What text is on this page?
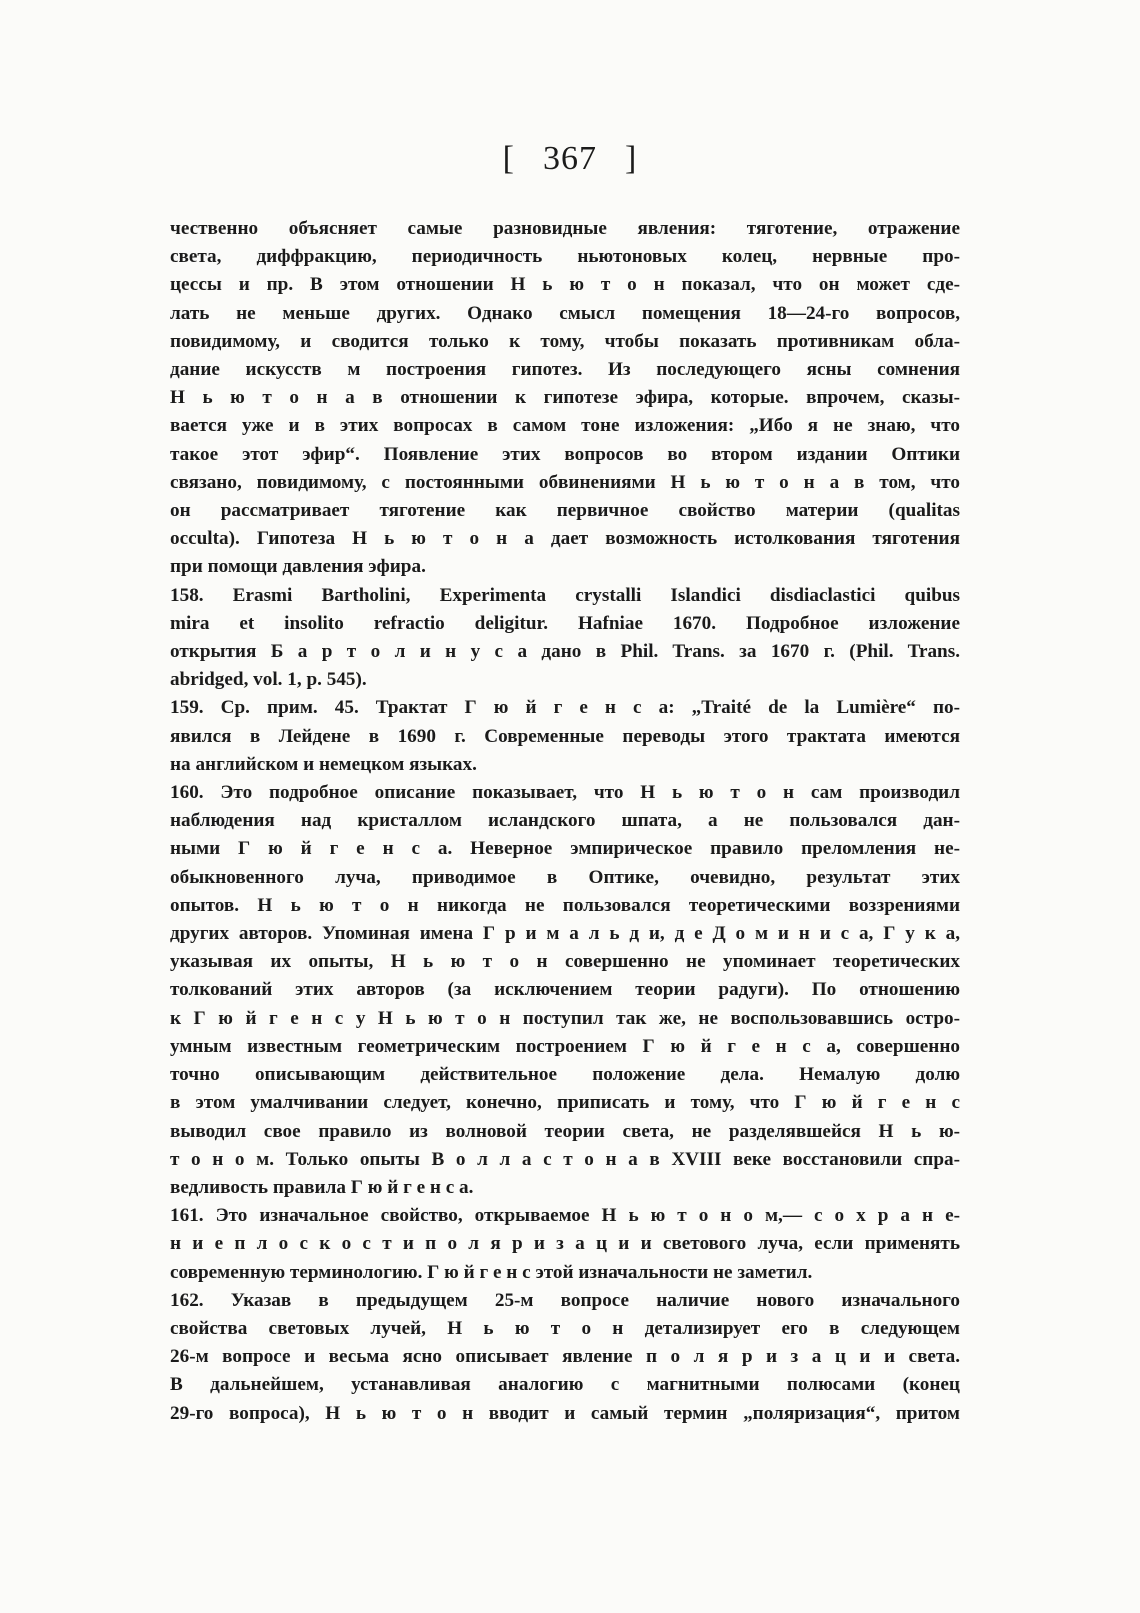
[ 367 ]
чественно объясняет самые разновидные явления: тяготение, отражение
света, диффракцию, периодичность ньютоновых колец, нервные про-
цессы и пр. В этом отношении Н ь ю т о н показал, что он может сде-
лать не меньше других. Однако смысл помещения 18—24-го вопросов,
повидимому, и сводится только к тому, чтобы показать противникам обла-
дание искусств м построения гипотез. Из последующего ясны сомнения
Н ь ю т о н а в отношении к гипотезе эфира, которые. впрочем, сказы-
вается уже и в этих вопросах в самом тоне изложения: „Ибо я не знаю, что
такое этот эфир“. Появление этих вопросов во втором издании Оптики
связано, повидимому, с постоянными обвинениями Н ь ю т о н а в том, что
он рассматривает тяготение как первичное свойство материи (qualitas
occulta). Гипотеза Н ь ю т о н а дает возможность истолкования тяготения
при помощи давления эфира.
158. Erasmi Bartholini, Experimenta crystalli Islandici disdiaclastici quibus
mira et insolito refractio deligitur. Hafniae 1670. Подробное изложение
открытия Б а р т о л и н у с а дано в Phil. Trans. за 1670 г. (Phil. Trans.
abridged, vol. 1, p. 545).
159. Ср. прим. 45. Трактат Г ю й г е н с а: „Traité de la Lumière“ по-
явился в Лейдене в 1690 г. Современные переводы этого трактата имеются
на английском и немецком языках.
160. Это подробное описание показывает, что Н ь ю т о н сам производил
наблюдения над кристаллом исландского шпата, а не пользовался дан-
ными Г ю й г е н с а. Неверное эмпирическое правило преломления не-
обыкновенного луча, приводимое в Оптике, очевидно, результат этих
опытов. Н ь ю т о н никогда не пользовался теоретическими воззрениями
других авторов. Упоминая имена Г р и м а л ь д и, д е Д о м и н и с а, Г у к а,
указывая их опыты, Н ь ю т о н совершенно не упоминает теоретических
толкований этих авторов (за исключением теории радуги). По отношению
к Г ю й г е н с у Н ь ю т о н поступил так же, не воспользовавшись остро-
умным известным геометрическим построением Г ю й г е н с а, совершенно
точно описывающим действительное положение дела. Немалую долю
в этом умалчивании следует, конечно, приписать и тому, что Г ю й г е н с
выводил свое правило из волновой теории света, не разделявшейся Н ь ю-
т о н о м. Только опыты В о л л а с т о н а в XVIII веке восстановили спра-
ведливость правила Г ю й г е н с а.
161. Это изначальное свойство, открываемое Н ь ю т о н о м,— с о х р а н е-
н и е п л о с к о с т и п о л я р и з а ц и и светового луча, если применять
современную терминологию. Г ю й г е н с этой изначальности не заметил.
162. Указав в предыдущем 25-м вопросе наличие нового изначального
свойства световых лучей, Н ь ю т о н детализирует его в следующем
26-м вопросе и весьма ясно описывает явление п о л я р и з а ц и и света.
В дальнейшем, устанавливая аналогию с магнитными полюсами (конец
29-го вопроса), Н ь ю т о н вводит и самый термин „поляризация“, притом
